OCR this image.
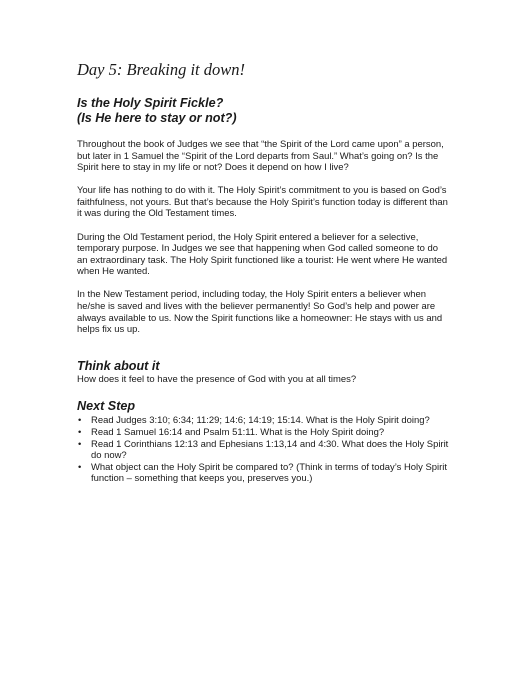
Day 5: Breaking it down!
Is the Holy Spirit Fickle?
(Is He here to stay or not?)

Throughout the book of Judges we see that “the Spirit of the Lord came upon” a person, but later in 1 Samuel the “Spirit of the Lord departs from Saul.” What’s going on? Is the Spirit here to stay in my life or not? Does it depend on how I live?

Your life has nothing to do with it. The Holy Spirit’s commitment to you is based on God’s faithfulness, not yours. But that’s because the Holy Spirit’s function today is different than it was during the Old Testament times.

During the Old Testament period, the Holy Spirit entered a believer for a selective, temporary purpose. In Judges we see that happening when God called someone to do an extraordinary task. The Holy Spirit functioned like a tourist: He went where He wanted when He wanted.

In the New Testament period, including today, the Holy Spirit enters a believer when he/she is saved and lives with the believer permanently! So God’s help and power are always available to us. Now the Spirit functions like a homeowner: He stays with us and helps fix us up.

Think about it

How does it feel to have the presence of God with you at all times?

Next Step
• Read Judges 3:10; 6:34; 11:29; 14:6; 14:19; 15:14. What is the Holy Spirit doing?
• Read 1 Samuel 16:14 and Psalm 51:11. What is the Holy Spirit doing?
• Read 1 Corinthians 12:13 and Ephesians 1:13,14 and 4:30. What does the Holy Spirit do now?
• What object can the Holy Spirit be compared to? (Think in terms of today’s Holy Spirit function – something that keeps you, preserves you.)
